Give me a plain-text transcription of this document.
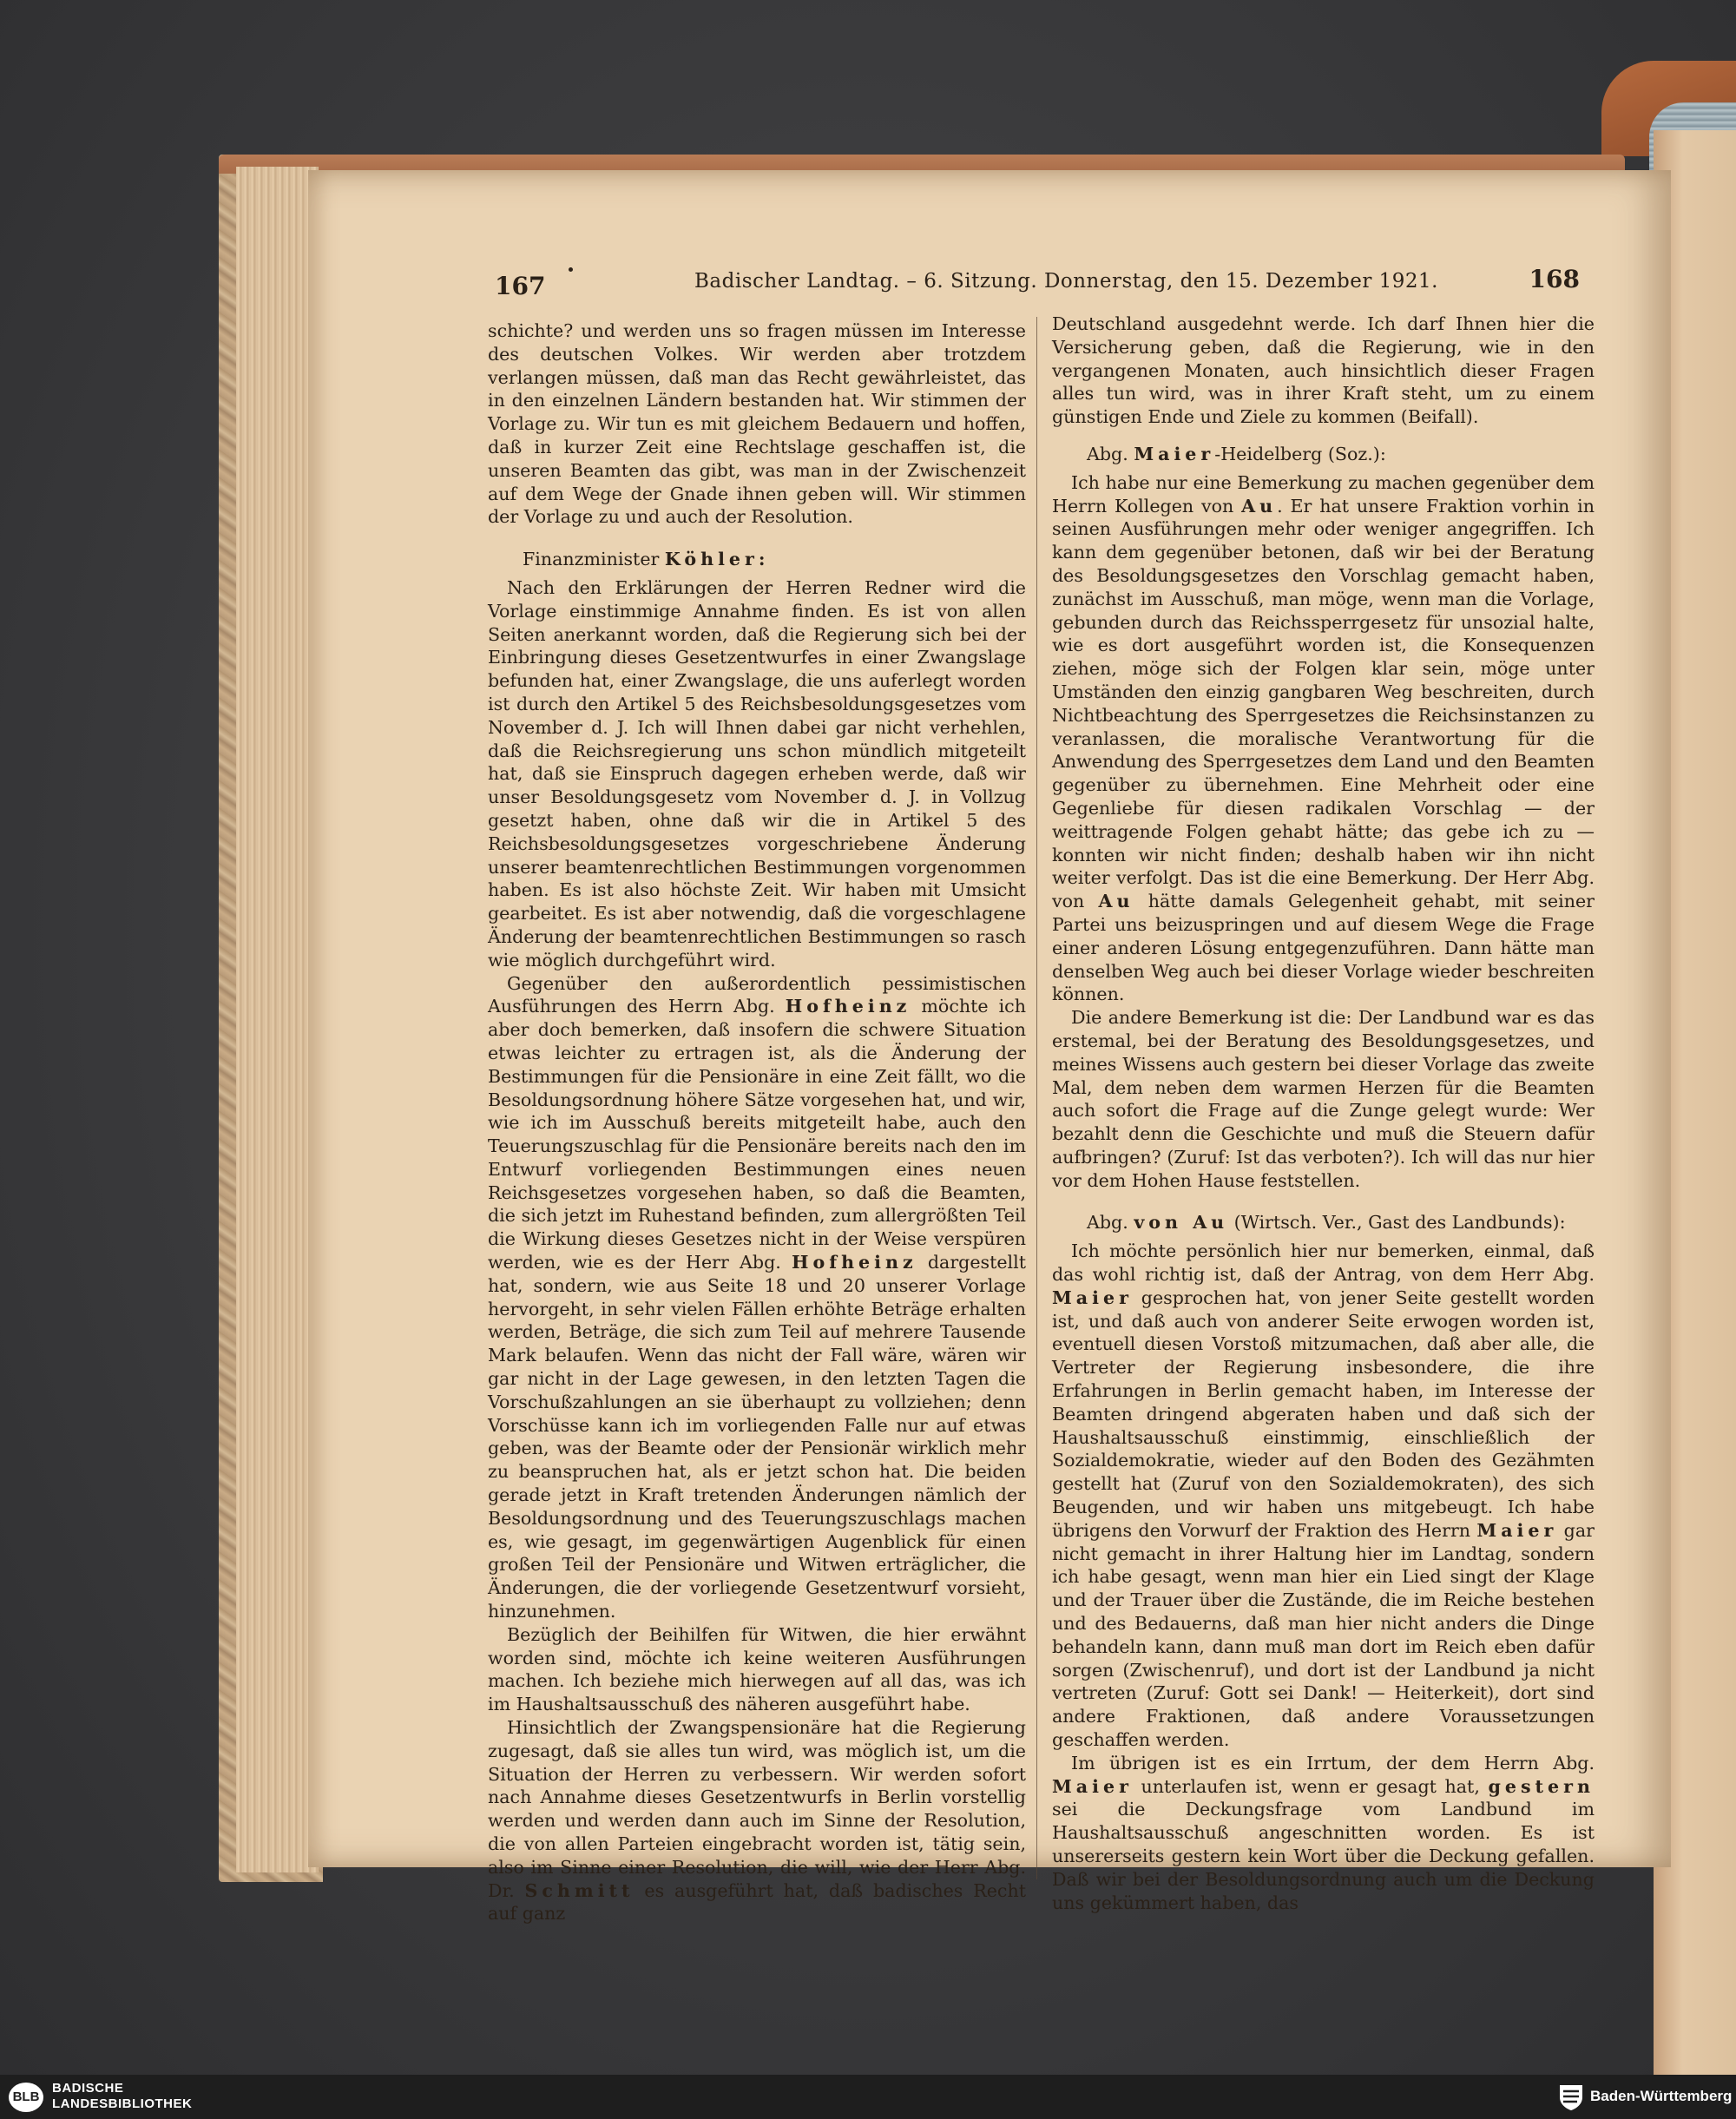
167	Badischer Landtag. – 6. Sitzung. Donnerstag, den 15. Dezember 1921.	168

schichte? und werden uns so fragen müssen im Interesse des deutschen Volkes. Wir werden aber trotzdem verlangen müssen, daß man das Recht gewährleistet, das in den einzelnen Ländern bestanden hat. Wir stimmen der Vorlage zu. Wir tun es mit gleichem Bedauern und hoffen, daß in kurzer Zeit eine Rechtslage geschaffen ist, die unseren Beamten das gibt, was man in der Zwischenzeit auf dem Wege der Gnade ihnen geben will. Wir stimmen der Vorlage zu und auch der Resolution.

Finanzminister Köhler:

Nach den Erklärungen der Herren Redner wird die Vorlage einstimmige Annahme finden. Es ist von allen Seiten anerkannt worden, daß die Regierung sich bei der Einbringung dieses Gesetzentwurfes in einer Zwangslage befunden hat, einer Zwangslage, die uns auferlegt worden ist durch den Artikel 5 des Reichsbesoldungsgesetzes vom November d. J. Ich will Ihnen dabei gar nicht verhehlen, daß die Reichsregierung uns schon mündlich mitgeteilt hat, daß sie Einspruch dagegen erheben werde, daß wir unser Besoldungsgesetz vom November d. J. in Vollzug gesetzt haben, ohne daß wir die in Artikel 5 des Reichsbesoldungsgesetzes vorgeschriebene Änderung unserer beamtenrechtlichen Bestimmungen vorgenommen haben. Es ist also höchste Zeit. Wir haben mit Umsicht gearbeitet. Es ist aber notwendig, daß die vorgeschlagene Änderung der beamtenrechtlichen Bestimmungen so rasch wie möglich durchgeführt wird.

Gegenüber den außerordentlich pessimistischen Ausführungen des Herrn Abg. Hofheinz möchte ich aber doch bemerken, daß insofern die schwere Situation etwas leichter zu ertragen ist, als die Änderung der Bestimmungen für die Pensionäre in eine Zeit fällt, wo die Besoldungsordnung höhere Sätze vorgesehen hat, und wir, wie ich im Ausschuß bereits mitgeteilt habe, auch den Teuerungszuschlag für die Pensionäre bereits nach den im Entwurf vorliegenden Bestimmungen eines neuen Reichsgesetzes vorgesehen haben, so daß die Beamten, die sich jetzt im Ruhestand befinden, zum allergrößten Teil die Wirkung dieses Gesetzes nicht in der Weise verspüren werden, wie es der Herr Abg. Hofheinz dargestellt hat, sondern, wie aus Seite 18 und 20 unserer Vorlage hervorgeht, in sehr vielen Fällen erhöhte Beträge erhalten werden, Beträge, die sich zum Teil auf mehrere Tausende Mark belaufen. Wenn das nicht der Fall wäre, wären wir gar nicht in der Lage gewesen, in den letzten Tagen die Vorschußzahlungen an sie überhaupt zu vollziehen; denn Vorschüsse kann ich im vorliegenden Falle nur auf etwas geben, was der Beamte oder der Pensionär wirklich mehr zu beanspruchen hat, als er jetzt schon hat. Die beiden gerade jetzt in Kraft tretenden Änderungen nämlich der Besoldungsordnung und des Teuerungszuschlags machen es, wie gesagt, im gegenwärtigen Augenblick für einen großen Teil der Pensionäre und Witwen erträglicher, die Änderungen, die der vorliegende Gesetzentwurf vorsieht, hinzunehmen.

Bezüglich der Beihilfen für Witwen, die hier erwähnt worden sind, möchte ich keine weiteren Ausführungen machen. Ich beziehe mich hierwegen auf all das, was ich im Haushaltsausschuß des näheren ausgeführt habe.

Hinsichtlich der Zwangspensionäre hat die Regierung zugesagt, daß sie alles tun wird, was möglich ist, um die Situation der Herren zu verbessern. Wir werden sofort nach Annahme dieses Gesetzentwurfs in Berlin vorstellig werden und werden dann auch im Sinne der Resolution, die von allen Parteien eingebracht worden ist, tätig sein, also im Sinne einer Resolution, die will, wie der Herr Abg. Dr. Schmitt es ausgeführt hat, daß badisches Recht auf ganz

Deutschland ausgedehnt werde. Ich darf Ihnen hier die Versicherung geben, daß die Regierung, wie in den vergangenen Monaten, auch hinsichtlich dieser Fragen alles tun wird, was in ihrer Kraft steht, um zu einem günstigen Ende und Ziele zu kommen (Beifall).

Abg. Maier-Heidelberg (Soz.):

Ich habe nur eine Bemerkung zu machen gegenüber dem Herrn Kollegen von Au. Er hat unsere Fraktion vorhin in seinen Ausführungen mehr oder weniger angegriffen. Ich kann dem gegenüber betonen, daß wir bei der Beratung des Besoldungsgesetzes den Vorschlag gemacht haben, zunächst im Ausschuß, man möge, wenn man die Vorlage, gebunden durch das Reichssperrgesetz für unsozial halte, wie es dort ausgeführt worden ist, die Konsequenzen ziehen, möge sich der Folgen klar sein, möge unter Umständen den einzig gangbaren Weg beschreiten, durch Nichtbeachtung des Sperrgesetzes die Reichsinstanzen zu veranlassen, die moralische Verantwortung für die Anwendung des Sperrgesetzes dem Land und den Beamten gegenüber zu übernehmen. Eine Mehrheit oder eine Gegenliebe für diesen radikalen Vorschlag — der weittragende Folgen gehabt hätte; das gebe ich zu — konnten wir nicht finden; deshalb haben wir ihn nicht weiter verfolgt. Das ist die eine Bemerkung. Der Herr Abg. von Au hätte damals Gelegenheit gehabt, mit seiner Partei uns beizuspringen und auf diesem Wege die Frage einer anderen Lösung entgegenzuführen. Dann hätte man denselben Weg auch bei dieser Vorlage wieder beschreiten können.

Die andere Bemerkung ist die: Der Landbund war es das erstemal, bei der Beratung des Besoldungsgesetzes, und meines Wissens auch gestern bei dieser Vorlage das zweite Mal, dem neben dem warmen Herzen für die Beamten auch sofort die Frage auf die Zunge gelegt wurde: Wer bezahlt denn die Geschichte und muß die Steuern dafür aufbringen? (Zuruf: Ist das verboten?). Ich will das nur hier vor dem Hohen Hause feststellen.

Abg. von Au (Wirtsch. Ver., Gast des Landbunds):

Ich möchte persönlich hier nur bemerken, einmal, daß das wohl richtig ist, daß der Antrag, von dem Herr Abg. Maier gesprochen hat, von jener Seite gestellt worden ist, und daß auch von anderer Seite erwogen worden ist, eventuell diesen Vorstoß mitzumachen, daß aber alle, die Vertreter der Regierung insbesondere, die ihre Erfahrungen in Berlin gemacht haben, im Interesse der Beamten dringend abgeraten haben und daß sich der Haushaltsausschuß einstimmig, einschließlich der Sozialdemokratie, wieder auf den Boden des Gezähmten gestellt hat (Zuruf von den Sozialdemokraten), des sich Beugenden, und wir haben uns mitgebeugt. Ich habe übrigens den Vorwurf der Fraktion des Herrn Maier gar nicht gemacht in ihrer Haltung hier im Landtag, sondern ich habe gesagt, wenn man hier ein Lied singt der Klage und der Trauer über die Zustände, die im Reiche bestehen und des Bedauerns, daß man hier nicht anders die Dinge behandeln kann, dann muß man dort im Reich eben dafür sorgen (Zwischenruf), und dort ist der Landbund ja nicht vertreten (Zuruf: Gott sei Dank! — Heiterkeit), dort sind andere Fraktionen, daß andere Voraussetzungen geschaffen werden.

Im übrigen ist es ein Irrtum, der dem Herrn Abg. Maier unterlaufen ist, wenn er gesagt hat, gestern sei die Deckungsfrage vom Landbund im Haushaltsausschuß angeschnitten worden. Es ist unsererseits gestern kein Wort über die Deckung gefallen. Daß wir bei der Besoldungsordnung auch um die Deckung uns gekümmert haben, das

BLB
BADISCHE
LANDESBIBLIOTHEK	Baden-Württemberg
